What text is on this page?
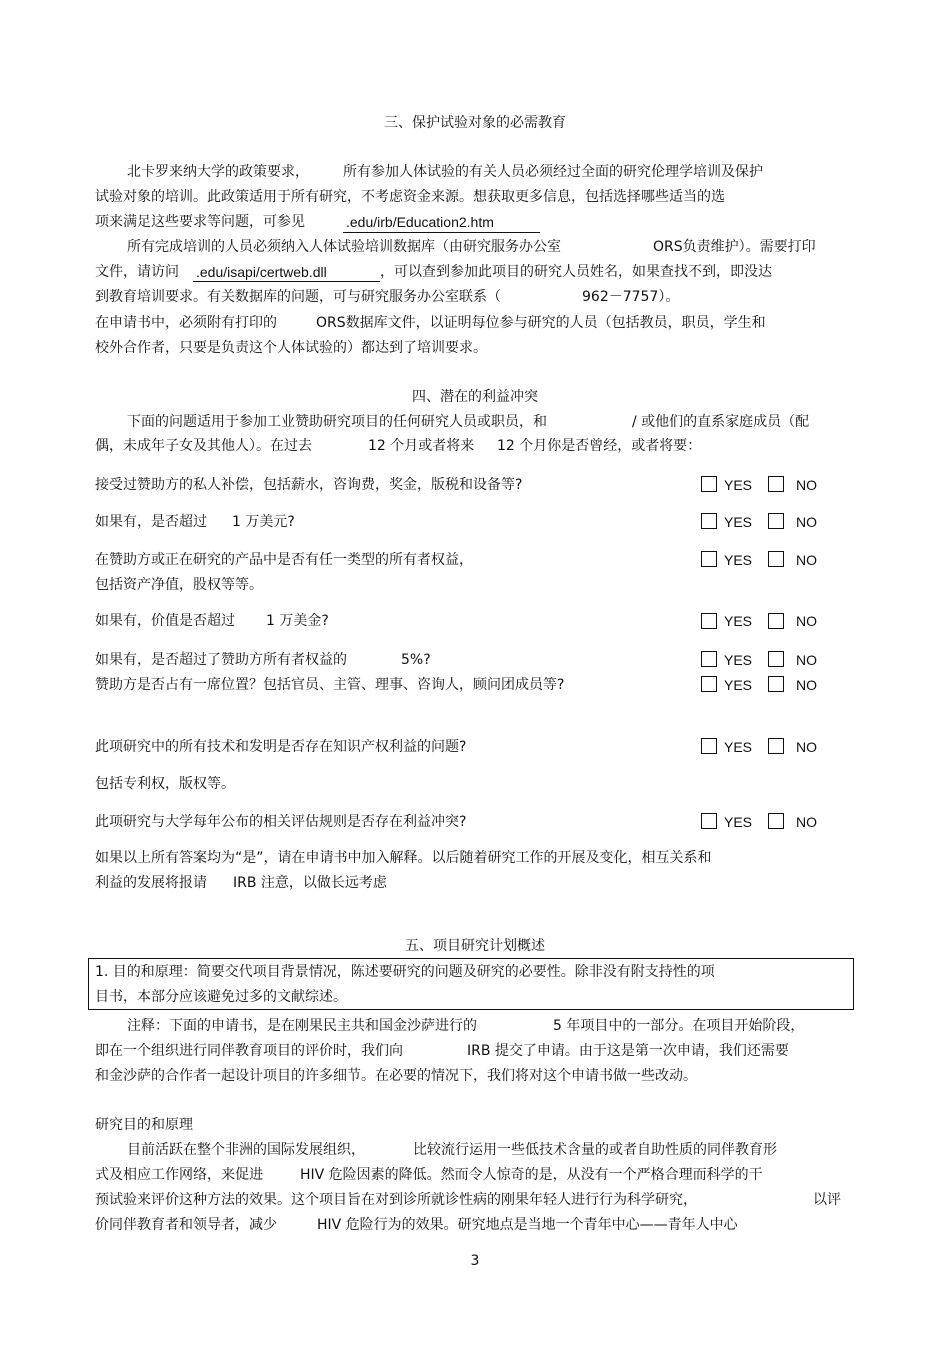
三、保护试验对象的必需教育
北卡罗来纳大学的政策要求， 所有参加人体试验的有关人员必须经过全面的研究伦理学培训及保护
试验对象的培训。此政策适用于所有研究，不考虑资金来源。想获取更多信息，包括选择哪些适当的选
项来满足这些要求等问题，可参见	.edu/irb/Education2.htm
所有完成培训的人员必须纳入人体试验培训数据库（由研究服务办公室	ORS负责维护）。需要打印
文件，请访问 .edu/isapi/certweb.dll	，可以查到参加此项目的研究人员姓名，如果查找不到，即没达
到教育培训要求。有关数据库的问题，可与研究服务办公室联系（	962－7757）。
在申请书中，必须附有打印的	ORS数据库文件，以证明每位参与研究的人员（包括教员，职员，学生和
校外合作者，只要是负责这个人体试验的）都达到了培训要求。
四、潜在的利益冲突
下面的问题适用于参加工业赞助研究项目的任何研究人员或职员，和	/ 或他们的直系家庭成员（配
偶，未成年子女及其他人）。在过去	12 个月或者将来 12 个月你是否曾经，或者将要：
接受过赞助方的私人补偿，包括薪水，咨询费，奖金，版税和设备等?	YES	NO
如果有，是否超过 1 万美元?	YES	NO
在赞助方或正在研究的产品中是否有任一类型的所有者权益，
包括资产净值，股权等等。
YES	NO
如果有，价值是否超过 1 万美金?	YES	NO
如果有，是否超过了赞助方所有者权益的	5%?	YES	NO
赞助方是否占有一席位置？包括官员、主管、理事、咨询人，顾问团成员等?	YES	NO
此项研究中的所有技术和发明是否存在知识产权利益的问题?
包括专利权，版权等。
YES	NO
此项研究与大学每年公布的相关评估规则是否存在利益冲突?	YES	NO
如果以上所有答案均为“是”，请在申请书中加入解释。以后随着研究工作的开展及变化，相互关系和
利益的发展将报请 IRB 注意，以做长远考虑
五、项目研究计划概述
1. 目的和原理：简要交代项目背景情况，陈述要研究的问题及研究的必要性。除非没有附支持性的项
目书，本部分应该避免过多的文献综述。
注释：下面的申请书，是在刚果民主共和国金沙萨进行的	5 年项目中的一部分。在项目开始阶段，
即在一个组织进行同伴教育项目的评价时，我们向	IRB 提交了申请。由于这是第一次申请，我们还需要
和金沙萨的合作者一起设计项目的许多细节。在必要的情况下，我们将对这个申请书做一些改动。
研究目的和原理
目前活跃在整个非洲的国际发展组织，	比较流行运用一些低技术含量的或者自助性质的同伴教育形
式及相应工作网络，来促进	HIV 危险因素的降低。然而令人惊奇的是，从没有一个严格合理而科学的干
预试验来评价这种方法的效果。这个项目旨在对到诊所就诊性病的刚果年轻人进行行为科学研究，	以评
价同伴教育者和领导者，减少	HIV 危险行为的效果。研究地点是当地一个青年中心——青年人中心
3
